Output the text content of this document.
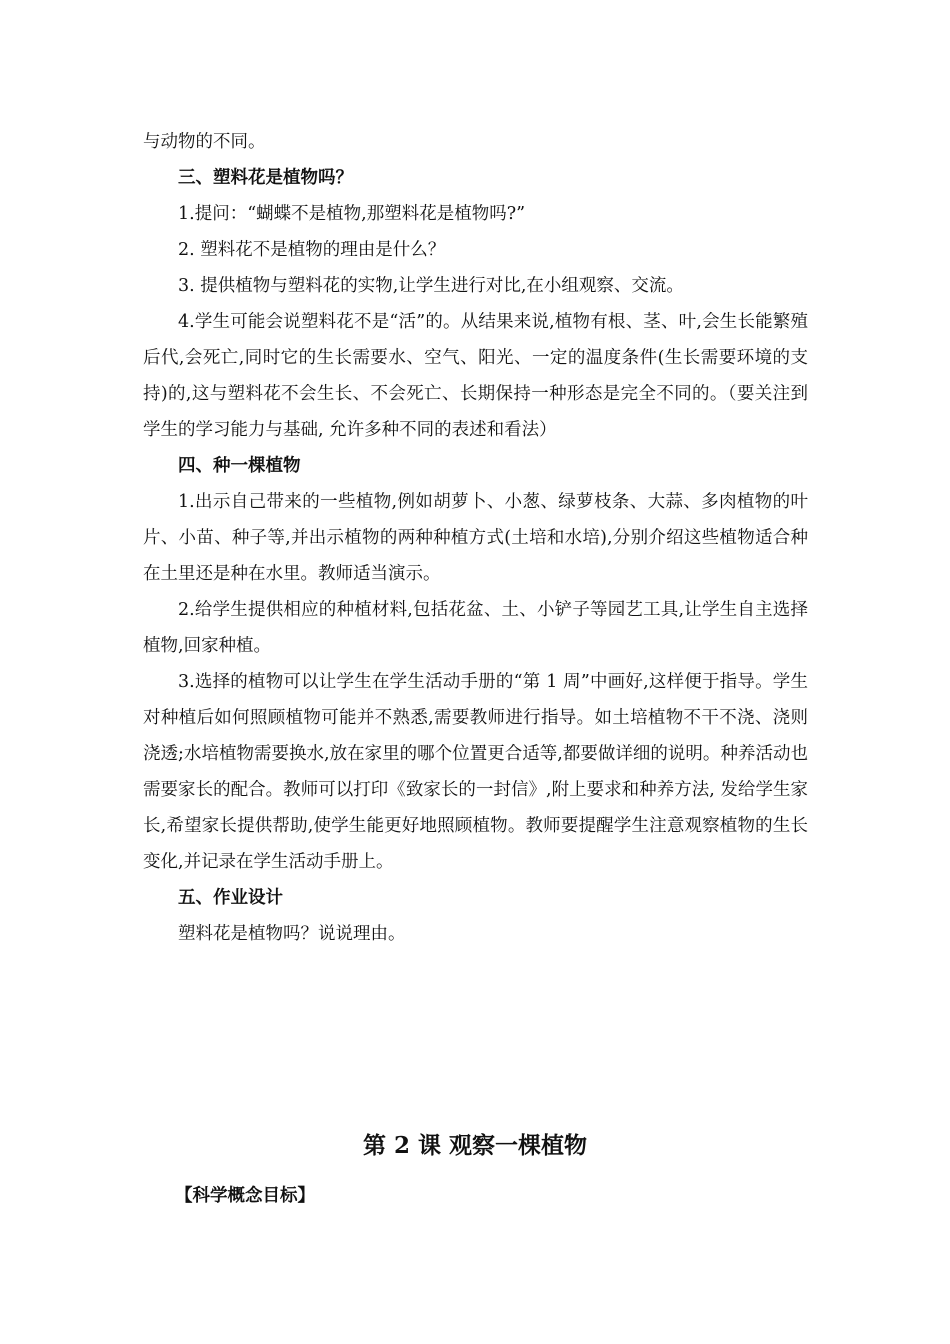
与动物的不同。

三、塑料花是植物吗？

1.提问：“蝴蝶不是植物,那塑料花是植物吗?”

2. 塑料花不是植物的理由是什么？

3. 提供植物与塑料花的实物,让学生进行对比,在小组观察、交流。

4.学生可能会说塑料花不是“活”的。从结果来说,植物有根、茎、叶,会生长能繁殖后代,会死亡,同时它的生长需要水、空气、阳光、一定的温度条件(生长需要环境的支持)的,这与塑料花不会生长、不会死亡、长期保持一种形态是完全不同的。（要关注到学生的学习能力与基础, 允许多种不同的表述和看法）

四、种一棵植物

1.出示自己带来的一些植物,例如胡萝卜、小葱、绿萝枝条、大蒜、多肉植物的叶片、小苗、种子等,并出示植物的两种种植方式(土培和水培),分别介绍这些植物适合种在土里还是种在水里。教师适当演示。

2.给学生提供相应的种植材料,包括花盆、土、小铲子等园艺工具,让学生自主选择植物,回家种植。

3.选择的植物可以让学生在学生活动手册的“第 1 周”中画好,这样便于指导。学生对种植后如何照顾植物可能并不熟悉,需要教师进行指导。如土培植物不干不浇、浇则浇透;水培植物需要换水,放在家里的哪个位置更合适等,都要做详细的说明。种养活动也需要家长的配合。教师可以打印《致家长的一封信》,附上要求和种养方法, 发给学生家长,希望家长提供帮助,使学生能更好地照顾植物。教师要提醒学生注意观察植物的生长变化,并记录在学生活动手册上。

五、作业设计

塑料花是植物吗？说说理由。

第 2 课 观察一棵植物
【科学概念目标】
